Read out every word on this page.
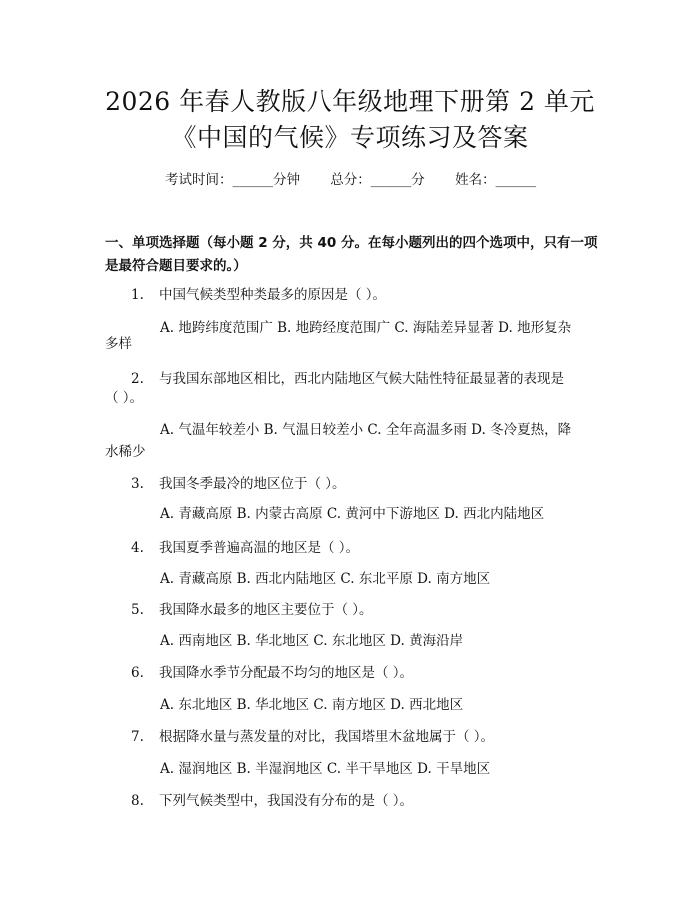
2026 年春人教版八年级地理下册第 2 单元
《中国的气候》专项练习及答案
考试时间：______分钟 总分：______分 姓名：______
一、单项选择题（每小题 2 分，共 40 分。在每小题列出的四个选项中，只有一项是最符合题目要求的。）
1. 中国气候类型种类最多的原因是（ ）。
A. 地跨纬度范围广 B. 地跨经度范围广 C. 海陆差异显著 D. 地形复杂
多样
2. 与我国东部地区相比，西北内陆地区气候大陆性特征最显著的表现是
（ ）。
A. 气温年较差小 B. 气温日较差小 C. 全年高温多雨 D. 冬冷夏热，降
水稀少
3. 我国冬季最冷的地区位于（ ）。
A. 青藏高原 B. 内蒙古高原 C. 黄河中下游地区 D. 西北内陆地区
4. 我国夏季普遍高温的地区是（ ）。
A. 青藏高原 B. 西北内陆地区 C. 东北平原 D. 南方地区
5. 我国降水最多的地区主要位于（ ）。
A. 西南地区 B. 华北地区 C. 东北地区 D. 黄海沿岸
6. 我国降水季节分配最不均匀的地区是（ ）。
A. 东北地区 B. 华北地区 C. 南方地区 D. 西北地区
7. 根据降水量与蒸发量的对比，我国塔里木盆地属于（ ）。
A. 湿润地区 B. 半湿润地区 C. 半干旱地区 D. 干旱地区
8. 下列气候类型中，我国没有分布的是（ ）。
